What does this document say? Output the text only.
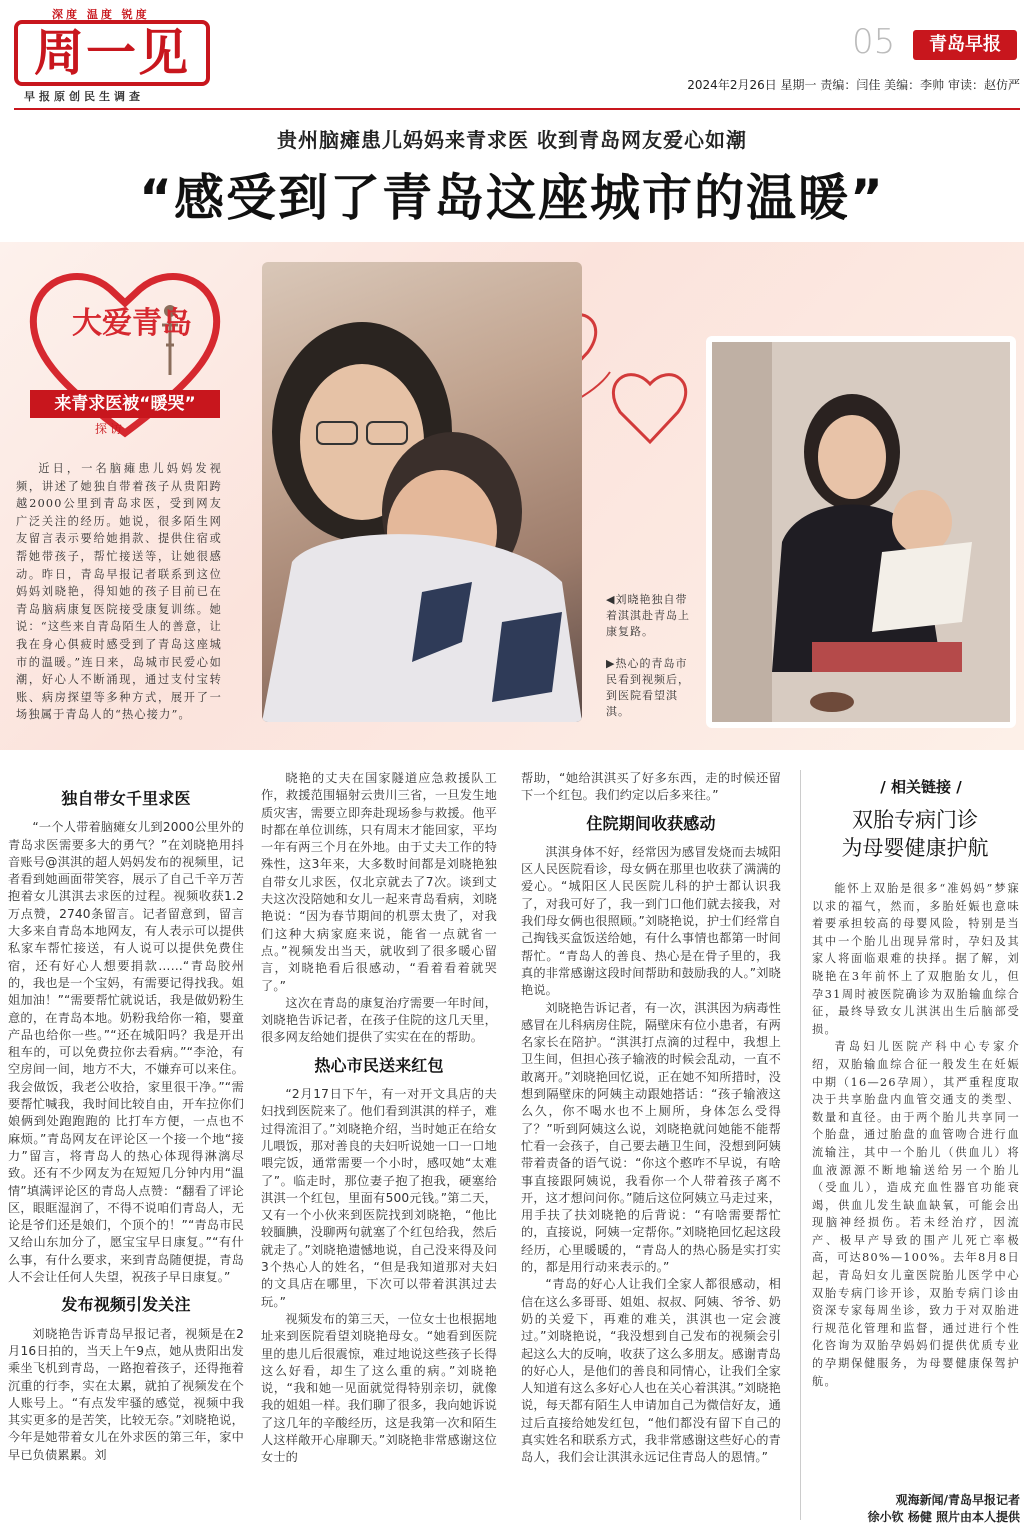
深度 温度 锐度
周一见
早报原创民生调查
05	青岛早报
2024年2月26日 星期一 责编：闫佳 美编：李帅 审读：赵仿严
贵州脑瘫患儿妈妈来青求医 收到青岛网友爱心如潮
“感受到了青岛这座城市的温暖”
大爱青岛
来青求医被“暖哭”
探访
近日，一名脑瘫患儿妈妈发视频，讲述了她独自带着孩子从贵阳跨越2000公里到青岛求医，受到网友广泛关注的经历。她说，很多陌生网友留言表示要给她捐款、提供住宿或帮她带孩子，帮忙接送等，让她很感动。昨日，青岛早报记者联系到这位妈妈刘晓艳，得知她的孩子目前已在青岛脑病康复医院接受康复训练。她说：“这些来自青岛陌生人的善意，让我在身心俱疲时感受到了青岛这座城市的温暖。”连日来，岛城市民爱心如潮，好心人不断涌现，通过支付宝转账、病房探望等多种方式，展开了一场独属于青岛人的“热心接力”。
◀刘晓艳独自带着淇淇赴青岛上康复路。
▶热心的青岛市民看到视频后，到医院看望淇淇。
独自带女千里求医

“一个人带着脑瘫女儿到2000公里外的青岛求医需要多大的勇气？”在刘晓艳用抖音账号@淇淇的超人妈妈发布的视频里，记者看到她画面带笑容，展示了自己千辛万苦抱着女儿淇淇去求医的过程。视频收获1.2万点赞，2740条留言。记者留意到，留言大多来自青岛本地网友，有人表示可以提供私家车帮忙接送，有人说可以提供免费住宿，还有好心人想要捐款……“青岛胶州的，我也是一个宝妈，有需要记得找我。姐姐加油！”“需要帮忙就说话，我是做奶粉生意的，在青岛本地。奶粉我给你一箱，婴童产品也给你一些。”“还在城阳吗？我是开出租车的，可以免费拉你去看病。”“李沧，有空房间一间，地方不大，不嫌弃可以来住。我会做饭，我老公收拾，家里很干净。”“需要帮忙喊我，我时间比较自由，开车拉你们娘俩到处跑跑跑的 比打车方便，一点也不麻烦。”青岛网友在评论区一个接一个地“接力”留言，将青岛人的热心体现得淋漓尽致。还有不少网友为在短短几分钟内用“温情”填满评论区的青岛人点赞：“翻看了评论区，眼眶湿润了，不得不说咱们青岛人，无论是爷们还是娘们，个顶个的！”“青岛市民又给山东加分了，愿宝宝早日康复。”“有什么事，有什么要求，来到青岛随便提，青岛人不会让任何人失望，祝孩子早日康复。”

发布视频引发关注

刘晓艳告诉青岛早报记者，视频是在2月16日拍的，当天上午9点，她从贵阳出发乘坐飞机到青岛，一路抱着孩子，还得拖着沉重的行李，实在太累，就拍了视频发在个人账号上。“有点发牢骚的感觉，视频中我其实更多的是苦笑，比较无奈。”刘晓艳说，今年是她带着女儿在外求医的第三年，家中早已负债累累。刘

晓艳的丈夫在国家隧道应急救援队工作，救援范围辐射云贵川三省，一旦发生地质灾害，需要立即奔赴现场参与救援。他平时都在单位训练，只有周末才能回家，平均一年有两三个月在外地。由于丈夫工作的特殊性，这3年来，大多数时间都是刘晓艳独自带女儿求医，仅北京就去了7次。谈到丈夫这次没陪她和女儿一起来青岛看病，刘晓艳说：“因为春节期间的机票太贵了，对我们这种大病家庭来说，能省一点就省一点。”视频发出当天，就收到了很多暖心留言，刘晓艳看后很感动，“看着看着就哭了。”

这次在青岛的康复治疗需要一年时间，刘晓艳告诉记者，在孩子住院的这几天里，很多网友给她们提供了实实在在的帮助。

热心市民送来红包

“2月17日下午，有一对开文具店的夫妇找到医院来了。他们看到淇淇的样子，难过得流泪了。”刘晓艳介绍，当时她正在给女儿喂饭，那对善良的夫妇听说她一口一口地喂完饭，通常需要一个小时，感叹她“太难了”。临走时，那位妻子抱了抱我，硬塞给淇淇一个红包，里面有500元钱。”第二天，又有一个小伙来到医院找到刘晓艳，“他比较腼腆，没聊两句就塞了个红包给我，然后就走了。”刘晓艳遗憾地说，自己没来得及问3个热心人的姓名，“但是我知道那对夫妇的文具店在哪里，下次可以带着淇淇过去玩。”

视频发布的第三天，一位女士也根据地址来到医院看望刘晓艳母女。“她看到医院里的患儿后很震惊，难过地说这些孩子长得这么好看，却生了这么重的病。”刘晓艳说，“我和她一见面就觉得特别亲切，就像我的姐姐一样。我们聊了很多，我向她诉说了这几年的辛酸经历，这是我第一次和陌生人这样敞开心扉聊天。”刘晓艳非常感谢这位女士的

帮助，“她给淇淇买了好多东西，走的时候还留下一个红包。我们约定以后多来往。”

住院期间收获感动

淇淇身体不好，经常因为感冒发烧而去城阳区人民医院看诊，母女俩在那里也收获了满满的爱心。“城阳区人民医院儿科的护士都认识我了，对我可好了，我一到门口他们就去接我，对我们母女俩也很照顾。”刘晓艳说，护士们经常自己掏钱买盒饭送给她，有什么事情也都第一时间帮忙。“青岛人的善良、热心是在骨子里的，我真的非常感谢这段时间帮助和鼓励我的人。”刘晓艳说。

刘晓艳告诉记者，有一次，淇淇因为病毒性感冒在儿科病房住院，隔壁床有位小患者，有两名家长在陪护。“淇淇打点滴的过程中，我想上卫生间，但担心孩子输液的时候会乱动，一直不敢离开。”刘晓艳回忆说，正在她不知所措时，没想到隔壁床的阿姨主动跟她搭话：“孩子输液这么久，你不喝水也不上厕所，身体怎么受得了？”听到阿姨这么说，刘晓艳就问她能不能帮忙看一会孩子，自己要去趟卫生间，没想到阿姨带着责备的语气说：“你这个憨咋不早说，有啥事直接跟阿姨说，我看你一个人带着孩子离不开，这才想问问你。”随后这位阿姨立马走过来，用手扶了扶刘晓艳的后背说：“有啥需要帮忙的，直接说，阿姨一定帮你。”刘晓艳回忆起这段经历，心里暖暖的，“青岛人的热心肠是实打实的，都是用行动来表示的。”

“青岛的好心人让我们全家人都很感动，相信在这么多哥哥、姐姐、叔叔、阿姨、爷爷、奶奶的关爱下，再难的难关，淇淇也一定会渡过。”刘晓艳说，“我没想到自己发布的视频会引起这么大的反响，收获了这么多朋友。感谢青岛的好心人，是他们的善良和同情心，让我们全家人知道有这么多好心人也在关心着淇淇。”刘晓艳说，每天都有陌生人申请加自己为微信好友，通过后直接给她发红包，“他们都没有留下自己的真实姓名和联系方式，我非常感谢这些好心的青岛人，我们会让淇淇永远记住青岛人的恩情。”

/ 相关链接 /
双胎专病门诊
为母婴健康护航

能怀上双胎是很多“准妈妈”梦寐以求的福气，然而，多胎妊娠也意味着要承担较高的母婴风险，特别是当其中一个胎儿出现异常时，孕妇及其家人将面临艰难的抉择。据了解，刘晓艳在3年前怀上了双胞胎女儿，但孕31周时被医院确诊为双胎输血综合征，最终导致女儿淇淇出生后脑部受损。

青岛妇儿医院产科中心专家介绍，双胎输血综合征一般发生在妊娠中期（16—26孕周），其严重程度取决于共享胎盘内血管交通支的类型、数量和直径。由于两个胎儿共享同一个胎盘，通过胎盘的血管吻合进行血流输注，其中一个胎儿（供血儿）将血液源源不断地输送给另一个胎儿（受血儿），造成充血性器官功能衰竭，供血儿发生缺血缺氧，可能会出现脑神经损伤。若未经治疗，因流产、极早产导致的围产儿死亡率极高，可达80%—100%。去年8月8日起，青岛妇女儿童医院胎儿医学中心双胎专病门诊开诊，双胎专病门诊由资深专家每周坐诊，致力于对双胎进行规范化管理和监督，通过进行个性化咨询为双胎孕妈妈们提供优质专业的孕期保健服务，为母婴健康保驾护航。

观海新闻/青岛早报记者
徐小钦 杨健 照片由本人提供
